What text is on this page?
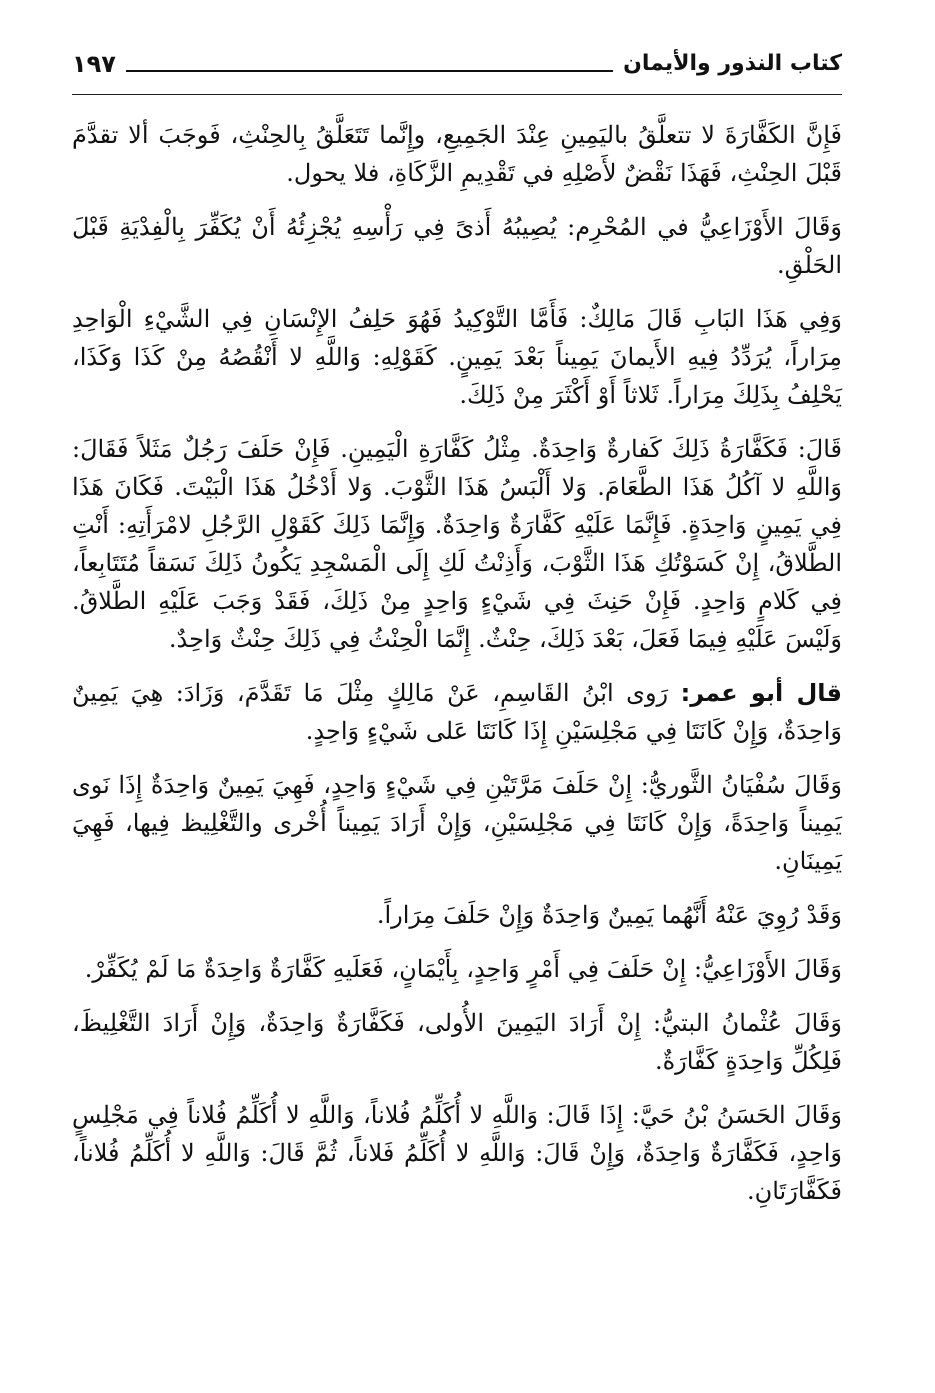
كتاب النذور والأيمان
١٩٧

فَإِنَّ الكَفَّارَةَ لا تتعلَّقُ باليَمِينِ عِنْدَ الجَمِيعِ، وإِنَّما تَتَعَلَّقُ بِالحِنْثِ، فَوجَبَ ألا تقدَّمَ قَبْلَ الحِنْثِ، فَهَذَا نَقْضٌ لأَصْلِهِ في تَقْدِيمِ الزَّكَاةِ، فلا يحول.

وَقَالَ الأَوْزَاعِيُّ في المُحْرِم: يُصِيبُهُ أَذىً فِي رَأْسِهِ يُجْزِئُهُ أَنْ يُكَفِّرَ بِالْفِدْيَةِ قَبْلَ الحَلْقِ.

وَفِي هَذَا البَابِ قَالَ مَالِكٌ: فَأَمَّا التَّوْكِيدُ فَهُوَ حَلِفُ الإِنْسَانِ فِي الشَّيْءِ الْوَاحِدِ مِرَاراً، يُرَدِّدُ فِيهِ الأَيمانَ يَمِيناً بَعْدَ يَمِينٍ. كَقَوْلِهِ: وَاللَّهِ لا أَنْقُصُهُ مِنْ كَذَا وَكَذَا، يَحْلِفُ بِذَلِكَ مِرَاراً. ثَلاثاً أَوْ أَكْثَرَ مِنْ ذَلِكَ.

قَالَ: فَكَفَّارَةُ ذَلِكَ كَفارةٌ وَاحِدَةٌ. مِثْلُ كَفَّارَةِ الْيَمِينِ. فَإِنْ حَلَفَ رَجُلٌ مَثَلاً فَقَالَ: وَاللَّهِ لا آكُلُ هَذَا الطَّعَامَ. وَلا أَلْبَسُ هَذَا الثَّوْبَ. وَلا أَدْخُلُ هَذَا الْبَيْتَ. فَكَانَ هَذَا فِي يَمِينٍ وَاحِدَةٍ. فَإِنَّمَا عَلَيْهِ كَفَّارَةٌ وَاحِدَةٌ. وَإِنَّمَا ذَلِكَ كَقَوْلِ الرَّجُلِ لامْرَأَتِهِ: أَنْتِ الطَّلاقُ، إِنْ كَسَوْتُكِ هَذَا الثَّوْبَ، وَأَذِنْتُ لَكِ إِلَى الْمَسْجِدِ يَكُونُ ذَلِكَ نَسَقاً مُتَتَابِعاً، فِي كَلامٍ وَاحِدٍ. فَإِنْ حَنِثَ فِي شَيْءٍ وَاحِدٍ مِنْ ذَلِكَ، فَقَدْ وَجَبَ عَلَيْهِ الطَّلاقُ. وَلَيْسَ عَلَيْهِ فِيمَا فَعَلَ، بَعْدَ ذَلِكَ، حِنْثٌ. إِنَّمَا الْحِنْثُ فِي ذَلِكَ حِنْثٌ وَاحِدٌ.

قال أبو عمر: رَوى ابْنُ القَاسِمِ، عَنْ مَالِكٍ مِثْلَ مَا تَقَدَّمَ، وَزَادَ: هِيَ يَمِينٌ وَاحِدَةٌ، وَإِنْ كَانَتَا فِي مَجْلِسَيْنِ إِذَا كَانَتَا عَلى شَيْءٍ وَاحِدٍ.

وَقَالَ سُفْيَانُ الثَّوريُّ: إِنْ حَلَفَ مَرَّتَيْنِ فِي شَيْءٍ وَاحِدٍ، فَهِيَ يَمِينٌ وَاحِدَةٌ إِذَا نَوى يَمِيناً وَاحِدَةً، وَإِنْ كَانَتَا فِي مَجْلِسَيْنِ، وَإِنْ أَرَادَ يَمِيناً أُخْرى والتَّغْلِيظ فِيها، فَهِيَ يَمِينَانِ.

وَقَدْ رُوِيَ عَنْهُ أَنَّهُما يَمِينٌ وَاحِدَةٌ وَإِنْ حَلَفَ مِرَاراً.

وَقَالَ الأَوْزَاعِيُّ: إِنْ حَلَفَ فِي أَمْرٍ وَاحِدٍ، بِأَيْمَانٍ، فَعَلَيهِ كَفَّارَةٌ وَاحِدَةٌ مَا لَمْ يُكَفِّرْ.

وَقَالَ عُثْمانُ البتيُّ: إِنْ أَرَادَ اليَمِينَ الأُولى، فَكَفَّارَةٌ وَاحِدَةٌ، وَإِنْ أَرَادَ التَّغْلِيظَ، فَلِكُلِّ وَاحِدَةٍ كَفَّارَةٌ.

وَقَالَ الحَسَنُ بْنُ حَيَّ: إِذَا قَالَ: وَاللَّهِ لا أُكَلِّمُ فُلاناً، وَاللَّهِ لا أُكَلِّمُ فُلاناً فِي مَجْلِسٍ وَاحِدٍ، فَكَفَّارَةٌ وَاحِدَةٌ، وَإِنْ قَالَ: وَاللَّهِ لا أُكَلِّمُ فَلاناً، ثُمَّ قَالَ: وَاللَّهِ لا أُكَلِّمُ فُلاناً، فَكَفَّارَتَانِ.
